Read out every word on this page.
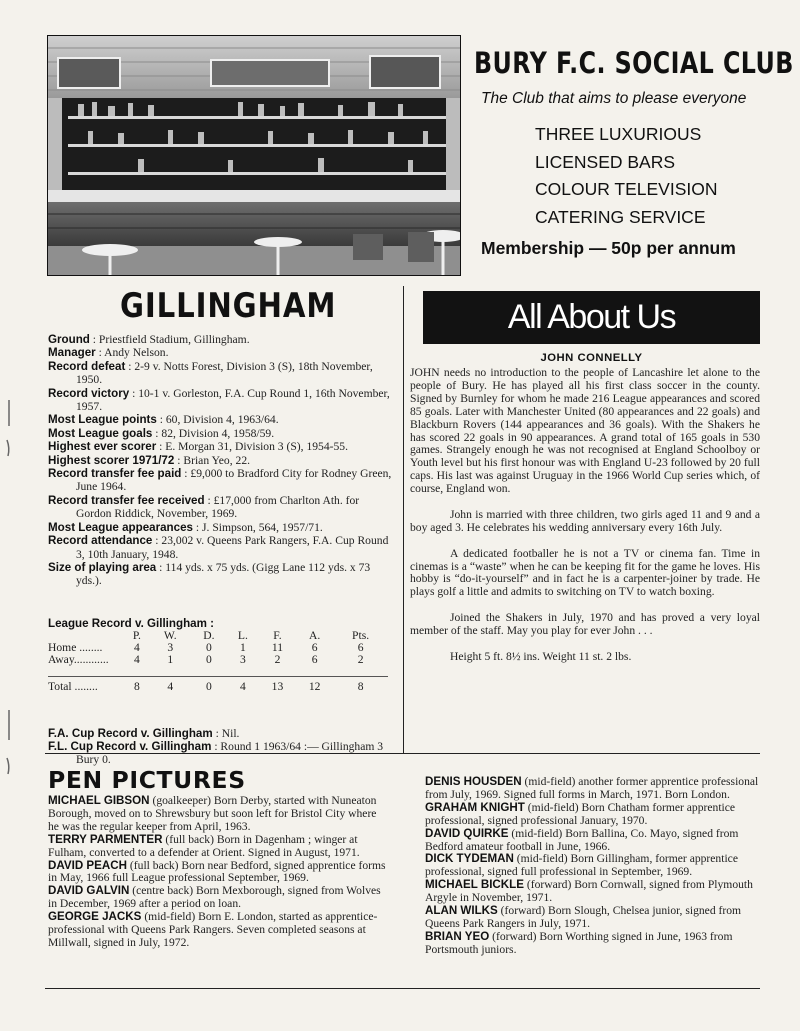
BURY F.C. SOCIAL CLUB
The Club that aims to please everyone
THREE LUXURIOUS
LICENSED BARS
COLOUR TELEVISION
CATERING SERVICE
Membership — 50p per annum
GILLINGHAM
Ground : Priestfield Stadium, Gillingham.
Manager : Andy Nelson.
Record defeat : 2-9 v. Notts Forest, Division 3 (S), 18th November, 1950.
Record victory : 10-1 v. Gorleston, F.A. Cup Round 1, 16th November, 1957.
Most League points : 60, Division 4, 1963/64.
Most League goals : 82, Division 4, 1958/59.
Highest ever scorer : E. Morgan 31, Division 3 (S), 1954-55.
Highest scorer 1971/72 : Brian Yeo, 22.
Record transfer fee paid : £9,000 to Bradford City for Rodney Green, June 1964.
Record transfer fee received : £17,000 from Charlton Ath. for Gordon Riddick, November, 1969.
Most League appearances : J. Simpson, 564, 1957/71.
Record attendance : 23,002 v. Queens Park Rangers, F.A. Cup Round 3, 10th January, 1948.
Size of playing area : 114 yds. x 75 yds. (Gigg Lane 112 yds. x 73 yds.).
League Record v. Gillingham :
	P.	W.	D.	L.	F.	A.	Pts.
Home ........	4	3	0	1	11	6	6
Away............	4	1	0	3	2	6	2

Total ........	8	4	0	4	13	12	8
F.A. Cup Record v. Gillingham : Nil.
F.L. Cup Record v. Gillingham : Round 1 1963/64 :— Gillingham 3 Bury 0.
All About Us
JOHN CONNELLY

JOHN needs no introduction to the people of Lancashire let alone to the people of Bury. He has played all his first class soccer in the county. Signed by Burnley for whom he made 216 League appearances and scored 85 goals. Later with Manchester United (80 appearances and 22 goals) and Blackburn Rovers (144 appearances and 36 goals). With the Shakers he has scored 22 goals in 90 appearances. A grand total of 165 goals in 530 games. Strangely enough he was not recognised at England Schoolboy or Youth level but his first honour was with England U-23 followed by 20 full caps. His last was against Uruguay in the 1966 World Cup series which, of course, England won.

John is married with three children, two girls aged 11 and 9 and a boy aged 3. He celebrates his wedding anniversary every 16th July.

A dedicated footballer he is not a TV or cinema fan. Time in cinemas is a “waste” when he can be keeping fit for the game he loves. His hobby is “do-it-yourself” and in fact he is a carpenter-joiner by trade. He plays golf a little and admits to switching on TV to watch boxing.

Joined the Shakers in July, 1970 and has proved a very loyal member of the staff. May you play for ever John . . .

Height 5 ft. 8½ ins. Weight 11 st. 2 lbs.

PEN PICTURES
MICHAEL GIBSON (goalkeeper) Born Derby, started with Nuneaton Borough, moved on to Shrewsbury but soon left for Bristol City where he was the regular keeper from April, 1963.
TERRY PARMENTER (full back) Born in Dagenham ; winger at Fulham, converted to a defender at Orient. Signed in August, 1971.
DAVID PEACH (full back) Born near Bedford, signed apprentice forms in May, 1966 full League professional September, 1969.
DAVID GALVIN (centre back) Born Mexborough, signed from Wolves in December, 1969 after a period on loan.
GEORGE JACKS (mid-field) Born E. London, started as apprentice-professional with Queens Park Rangers. Seven completed seasons at Millwall, signed in July, 1972.
DENIS HOUSDEN (mid-field) another former apprentice professional from July, 1969. Signed full forms in March, 1971. Born London.
GRAHAM KNIGHT (mid-field) Born Chatham former apprentice professional, signed professional January, 1970.
DAVID QUIRKE (mid-field) Born Ballina, Co. Mayo, signed from Bedford amateur football in June, 1966.
DICK TYDEMAN (mid-field) Born Gillingham, former apprentice professional, signed full professional in September, 1969.
MICHAEL BICKLE (forward) Born Cornwall, signed from Plymouth Argyle in November, 1971.
ALAN WILKS (forward) Born Slough, Chelsea junior, signed from Queens Park Rangers in July, 1971.
BRIAN YEO (forward) Born Worthing signed in June, 1963 from Portsmouth juniors.
